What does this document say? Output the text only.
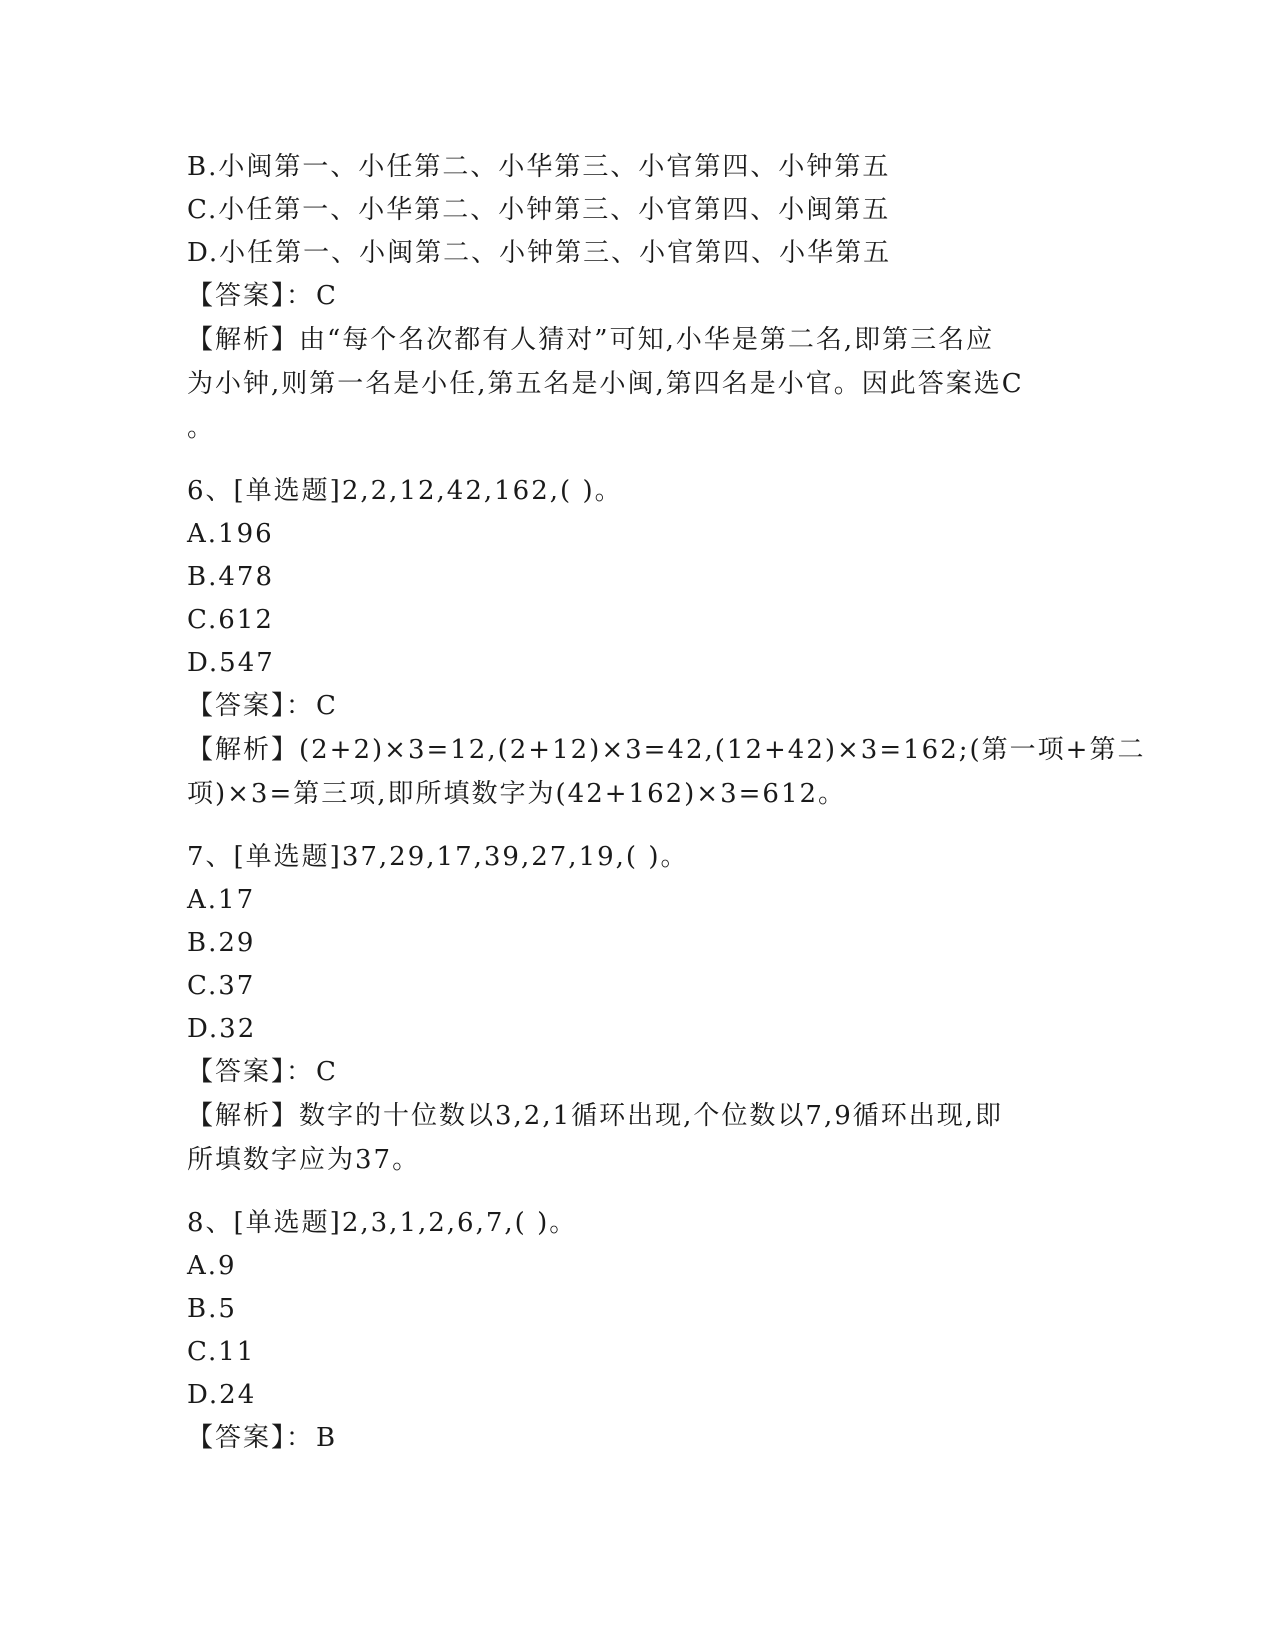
B.小闽第一、小任第二、小华第三、小官第四、小钟第五
C.小任第一、小华第二、小钟第三、小官第四、小闽第五
D.小任第一、小闽第二、小钟第三、小官第四、小华第五
【答案】：C
【解析】由“每个名次都有人猜对”可知,小华是第二名,即第三名应
为小钟,则第一名是小任,第五名是小闽,第四名是小官。因此答案选C
。
6、[单选题]2,2,12,42,162,( )。
A.196
B.478
C.612
D.547
【答案】：C
【解析】(2+2)×3=12,(2+12)×3=42,(12+42)×3=162;(第一项+第二
项)×3=第三项,即所填数字为(42+162)×3=612。
7、[单选题]37,29,17,39,27,19,( )。
A.17
B.29
C.37
D.32
【答案】：C
【解析】数字的十位数以3,2,1循环出现,个位数以7,9循环出现,即
所填数字应为37。
8、[单选题]2,3,1,2,6,7,( )。
A.9
B.5
C.11
D.24
【答案】：B
